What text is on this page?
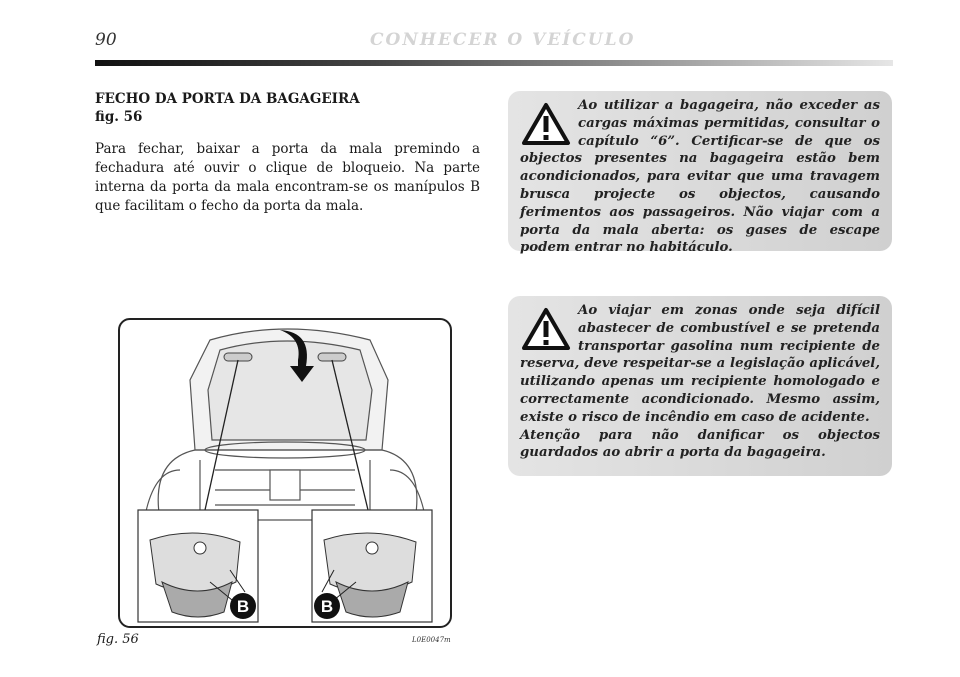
90	CONHECER O VEÍCULO
FECHO DA PORTA DA BAGAGEIRA
fig. 56
Para fechar, baixar a porta da mala premindo a fechadura até ouvir o clique de bloqueio. Na parte interna da porta da mala encontram-se os manípulos B que facilitam o fecho da porta da mala.

Ao utilizar a bagageira, não exceder as cargas máximas permitidas, consultar o capítulo “6”. Certificar-se de que os objectos presentes na bagageira estão bem acondicionados, para evitar que uma travagem brusca projecte os objectos, causando ferimentos aos passageiros. Não viajar com a porta da mala aberta: os gases de escape podem entrar no habitáculo.

Ao viajar em zonas onde seja difícil abastecer de combustível e se pretenda transportar gasolina num recipiente de reserva, deve respeitar-se a legislação aplicável, utilizando apenas um recipiente homologado e correctamente acondicionado. Mesmo assim, existe o risco de incêndio em caso de acidente.

Atenção para não danificar os objectos guardados ao abrir a porta da bagageira.

B	B
fig. 56	L0E0047m
